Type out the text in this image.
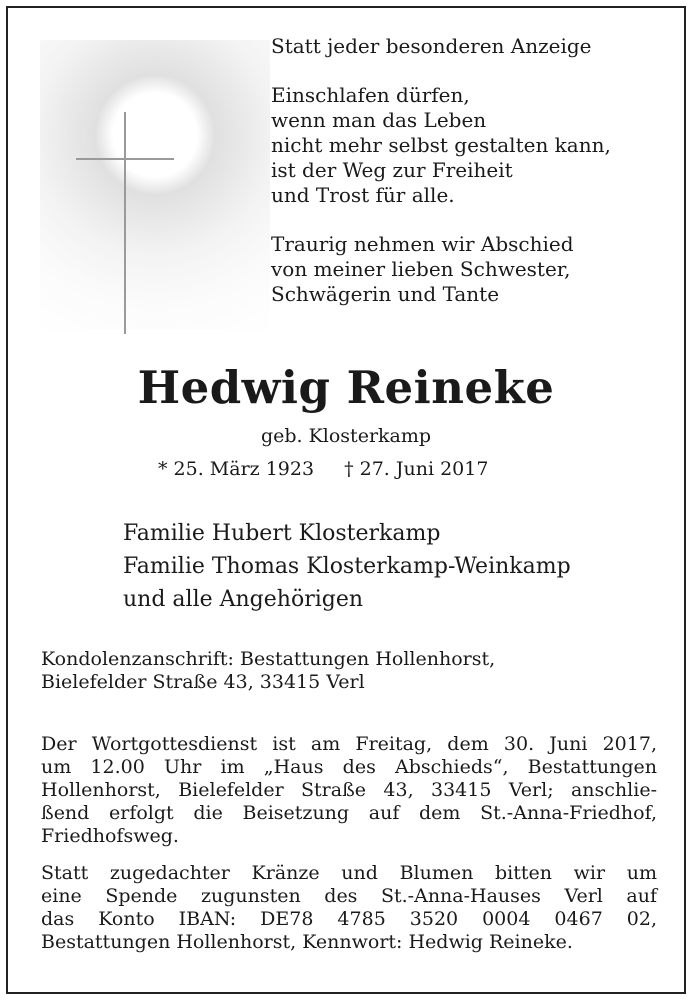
Statt jeder besonderen Anzeige

Einschlafen dürfen,
wenn man das Leben
nicht mehr selbst gestalten kann,
ist der Weg zur Freiheit
und Trost für alle.

Traurig nehmen wir Abschied
von meiner lieben Schwester,
Schwägerin und Tante

Hedwig Reineke
geb. Klosterkamp
* 25. März 1923 † 27. Juni 2017
Familie Hubert Klosterkamp
Familie Thomas Klosterkamp-Weinkamp
und alle Angehörigen
Kondolenzanschrift: Bestattungen Hollenhorst,
Bielefelder Straße 43, 33415 Verl
Der Wortgottesdienst ist am Freitag, dem 30. Juni 2017,
um 12.00 Uhr im „Haus des Abschieds“, Bestattungen
Hollenhorst, Bielefelder Straße 43, 33415 Verl; anschlie-
ßend erfolgt die Beisetzung auf dem St.-Anna-Friedhof,
Friedhofsweg.
Statt zugedachter Kränze und Blumen bitten wir um
eine Spende zugunsten des St.-Anna-Hauses Verl auf
das Konto IBAN: DE78 4785 3520 0004 0467 02,
Bestattungen Hollenhorst, Kennwort: Hedwig Reineke.
